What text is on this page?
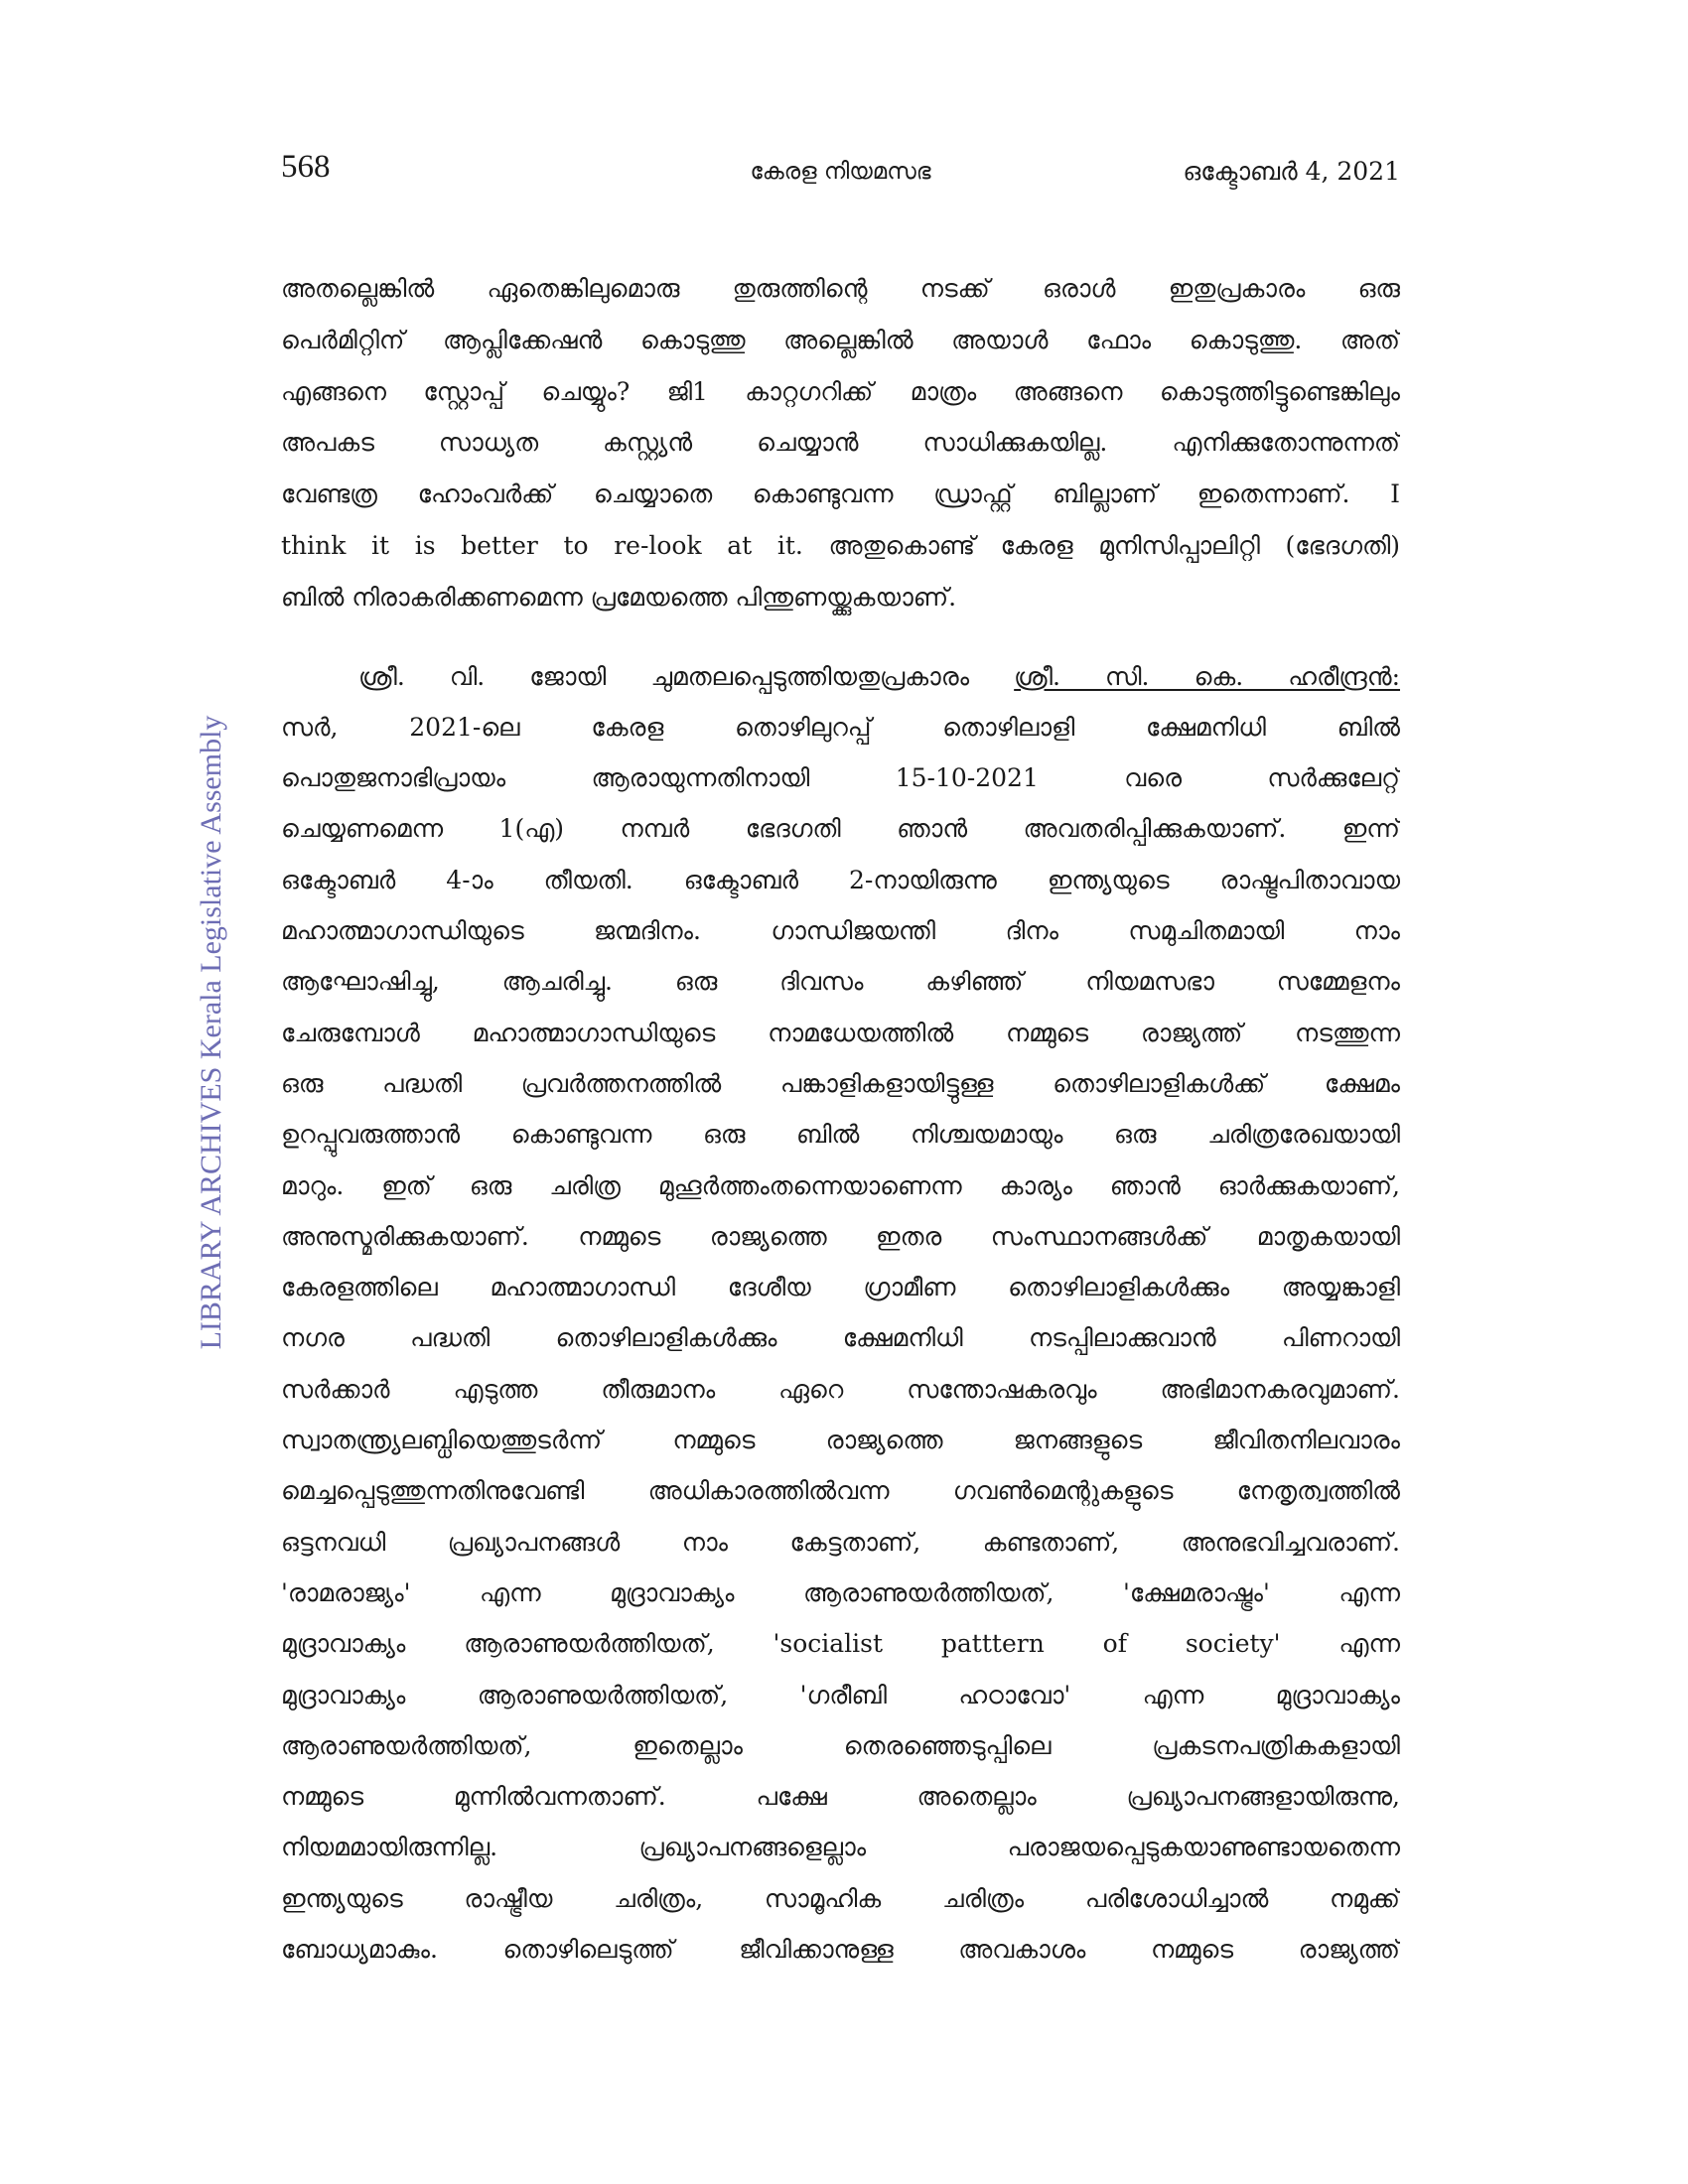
568	കേരള നിയമസഭ	ഒക്ടോബർ 4, 2021
LIBRARY ARCHIVES Kerala Legislative Assembly

അതല്ലെങ്കിൽ ഏതെങ്കിലുമൊരു തുരുത്തിന്റെ നടക്ക് ഒരാൾ ഇതുപ്രകാരം ഒരു
പെർമിറ്റിന് ആപ്ലിക്കേഷൻ കൊടുത്തു അല്ലെങ്കിൽ അയാൾ ഫോം കൊടുത്തു. അത്
എങ്ങനെ സ്റ്റോപ്പ് ചെയ്യും? ജി1 കാറ്റഗറിക്ക് മാത്രം അങ്ങനെ കൊടുത്തിട്ടുണ്ടെങ്കിലും
അപകട സാധ്യത കസ്റ്റ്യൻ ചെയ്യാൻ സാധിക്കുകയില്ല. എനിക്കുതോന്നുന്നത്
വേണ്ടത്ര ഹോംവർക്ക് ചെയ്യാതെ കൊണ്ടുവന്ന ഡ്രാഫ്റ്റ് ബില്ലാണ് ഇതെന്നാണ്. I
think it is better to re-look at it. അതുകൊണ്ട് കേരള മുനിസിപ്പാലിറ്റി (ഭേദഗതി)
ബിൽ നിരാകരിക്കണമെന്ന പ്രമേയത്തെ പിന്തുണയ്ക്കുകയാണ്.

ശ്രീ. വി. ജോയി ചുമതലപ്പെടുത്തിയതുപ്രകാരം ശ്രീ. സി. കെ. ഹരീന്ദ്രൻ:
സർ, 2021-ലെ കേരള തൊഴിലുറപ്പ് തൊഴിലാളി ക്ഷേമനിധി ബിൽ
പൊതുജനാഭിപ്രായം ആരായുന്നതിനായി 15-10-2021 വരെ സർക്കുലേറ്റ്
ചെയ്യണമെന്ന 1(എ) നമ്പർ ഭേദഗതി ഞാൻ അവതരിപ്പിക്കുകയാണ്. ഇന്ന്
ഒക്ടോബർ 4-ാം തീയതി. ഒക്ടോബർ 2-നായിരുന്നു ഇന്ത്യയുടെ രാഷ്ട്രപിതാവായ
മഹാത്മാഗാന്ധിയുടെ ജന്മദിനം. ഗാന്ധിജയന്തി ദിനം സമുചിതമായി നാം
ആഘോഷിച്ചു, ആചരിച്ചു. ഒരു ദിവസം കഴിഞ്ഞ് നിയമസഭാ സമ്മേളനം
ചേരുമ്പോൾ മഹാത്മാഗാന്ധിയുടെ നാമധേയത്തിൽ നമ്മുടെ രാജ്യത്ത് നടത്തുന്ന
ഒരു പദ്ധതി പ്രവർത്തനത്തിൽ പങ്കാളികളായിട്ടുള്ള തൊഴിലാളികൾക്ക് ക്ഷേമം
ഉറപ്പുവരുത്താൻ കൊണ്ടുവന്ന ഒരു ബിൽ നിശ്ചയമായും ഒരു ചരിത്രരേഖയായി
മാറും. ഇത് ഒരു ചരിത്ര മുഹൂർത്തംതന്നെയാണെന്ന കാര്യം ഞാൻ ഓർക്കുകയാണ്,
അനുസ്മരിക്കുകയാണ്. നമ്മുടെ രാജ്യത്തെ ഇതര സംസ്ഥാനങ്ങൾക്ക് മാതൃകയായി
കേരളത്തിലെ മഹാത്മാഗാന്ധി ദേശീയ ഗ്രാമീണ തൊഴിലാളികൾക്കും അയ്യങ്കാളി
നഗര പദ്ധതി തൊഴിലാളികൾക്കും ക്ഷേമനിധി നടപ്പിലാക്കുവാൻ പിണറായി
സർക്കാർ എടുത്ത തീരുമാനം ഏറെ സന്തോഷകരവും അഭിമാനകരവുമാണ്.
സ്വാതന്ത്ര്യലബ്ധിയെത്തുടർന്ന് നമ്മുടെ രാജ്യത്തെ ജനങ്ങളുടെ ജീവിതനിലവാരം
മെച്ചപ്പെടുത്തുന്നതിനുവേണ്ടി അധികാരത്തിൽവന്ന ഗവൺമെന്റുകളുടെ നേതൃത്വത്തിൽ
ഒട്ടനവധി പ്രഖ്യാപനങ്ങൾ നാം കേട്ടതാണ്, കണ്ടതാണ്, അനുഭവിച്ചവരാണ്.
'രാമരാജ്യം' എന്ന മുദ്രാവാക്യം ആരാണുയർത്തിയത്, 'ക്ഷേമരാഷ്ട്രം' എന്ന
മുദ്രാവാക്യം ആരാണുയർത്തിയത്, 'socialist patttern of society' എന്ന
മുദ്രാവാക്യം ആരാണുയർത്തിയത്, 'ഗരീബി ഹഠാവോ' എന്ന മുദ്രാവാക്യം
ആരാണുയർത്തിയത്, ഇതെല്ലാം തെരഞ്ഞെടുപ്പിലെ പ്രകടനപത്രികകളായി
നമ്മുടെ മുന്നിൽവന്നതാണ്. പക്ഷേ അതെല്ലാം പ്രഖ്യാപനങ്ങളായിരുന്നു,
നിയമമായിരുന്നില്ല. പ്രഖ്യാപനങ്ങളെല്ലാം പരാജയപ്പെടുകയാണുണ്ടായതെന്ന
ഇന്ത്യയുടെ രാഷ്ട്രീയ ചരിത്രം, സാമൂഹിക ചരിത്രം പരിശോധിച്ചാൽ നമുക്ക്
ബോധ്യമാകും. തൊഴിലെടുത്ത് ജീവിക്കാനുള്ള അവകാശം നമ്മുടെ രാജ്യത്ത്
